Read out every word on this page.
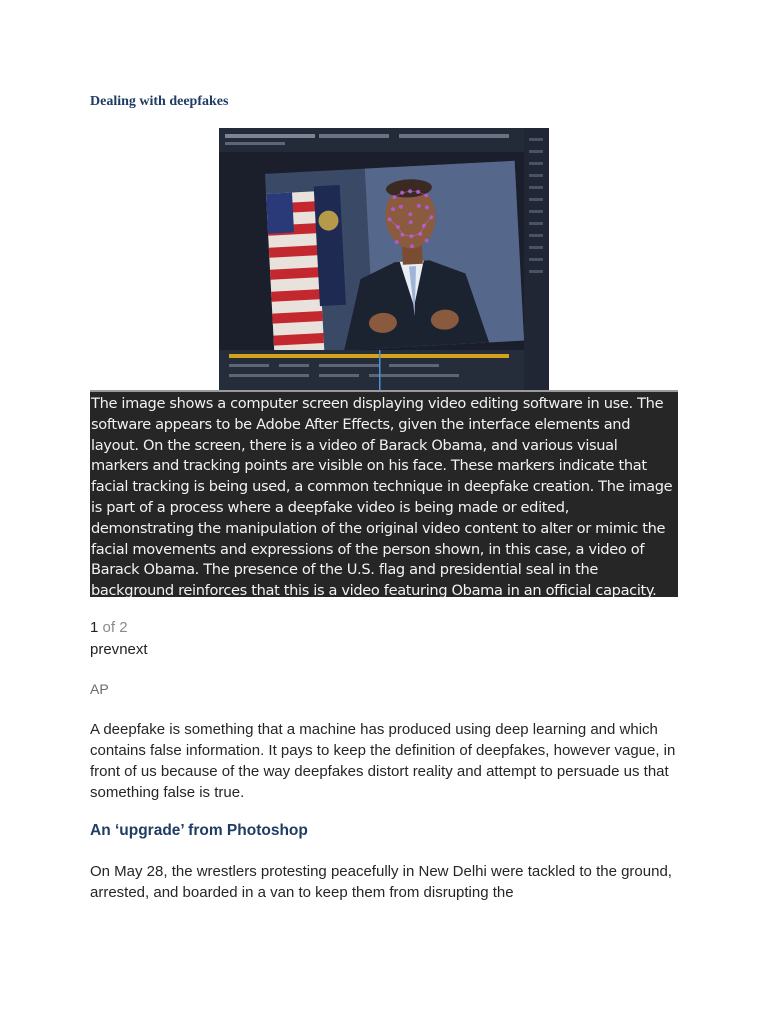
Dealing with deepfakes
The image shows a computer screen displaying video editing software in use. The software appears to be Adobe After Effects, given the interface elements and layout. On the screen, there is a video of Barack Obama, and various visual markers and tracking points are visible on his face. These markers indicate that facial tracking is being used, a common technique in deepfake creation. The image is part of a process where a deepfake video is being made or edited, demonstrating the manipulation of the original video content to alter or mimic the facial movements and expressions of the person shown, in this case, a video of Barack Obama. The presence of the U.S. flag and presidential seal in the background reinforces that this is a video featuring Obama in an official capacity.
1 of 2
prevnext
AP
A deepfake is something that a machine has produced using deep learning and which contains false information. It pays to keep the definition of deepfakes, however vague, in front of us because of the way deepfakes distort reality and attempt to persuade us that something false is true.
An ‘upgrade’ from Photoshop
On May 28, the wrestlers protesting peacefully in New Delhi were tackled to the ground, arrested, and boarded in a van to keep them from disrupting the
